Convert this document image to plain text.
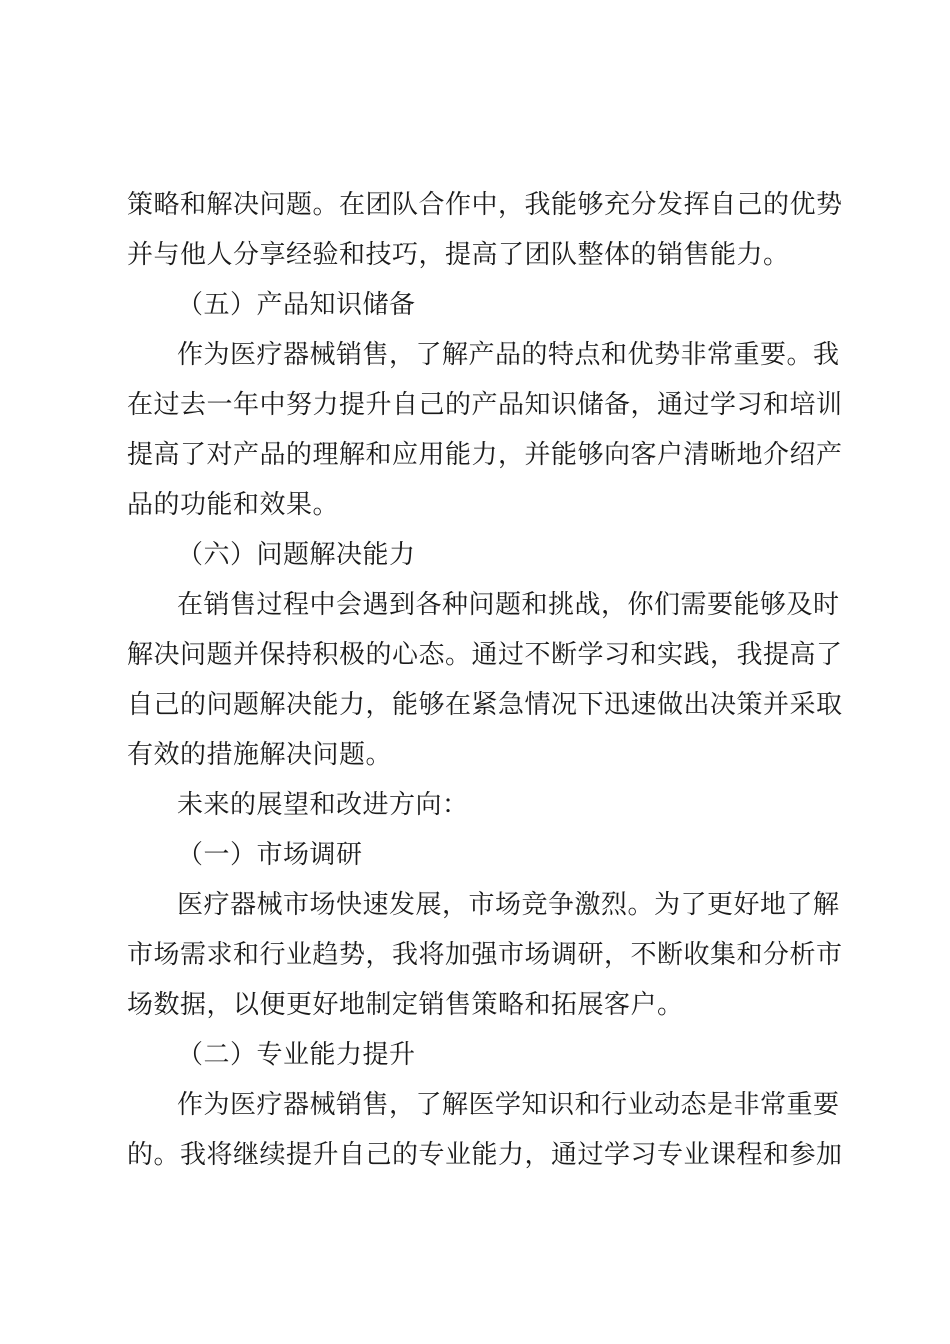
策略和解决问题。在团队合作中，我能够充分发挥自己的优势
并与他人分享经验和技巧，提高了团队整体的销售能力。
（五）产品知识储备
作为医疗器械销售，了解产品的特点和优势非常重要。我
在过去一年中努力提升自己的产品知识储备，通过学习和培训
提高了对产品的理解和应用能力，并能够向客户清晰地介绍产
品的功能和效果。
（六）问题解决能力
在销售过程中会遇到各种问题和挑战，你们需要能够及时
解决问题并保持积极的心态。通过不断学习和实践，我提高了
自己的问题解决能力，能够在紧急情况下迅速做出决策并采取
有效的措施解决问题。
未来的展望和改进方向：
（一）市场调研
医疗器械市场快速发展，市场竞争激烈。为了更好地了解
市场需求和行业趋势，我将加强市场调研，不断收集和分析市
场数据，以便更好地制定销售策略和拓展客户。
（二）专业能力提升
作为医疗器械销售，了解医学知识和行业动态是非常重要
的。我将继续提升自己的专业能力，通过学习专业课程和参加
